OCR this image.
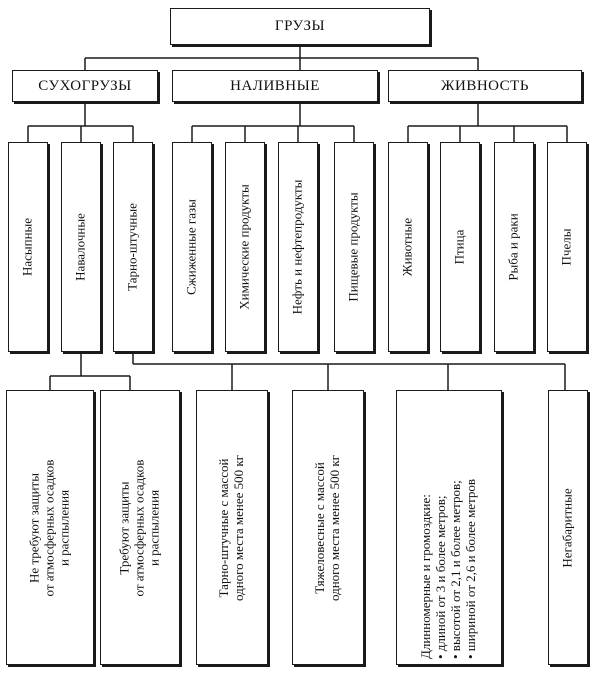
ГРУЗЫ
СУХОГРУЗЫ	НАЛИВНЫЕ	ЖИВНОСТЬ
Насыпные	Навалочные	Тарно-штучные	Сжиженные газы	Химические продукты	Нефть и нефтепродукты	Пищевые продукты	Животные	Птица	Рыба и раки	Пчелы
Не требуют защиты от атмосферных осадков и распыления	Требуют защиты от атмосферных осадков и распыления	Тарно-штучные с массой одного места менее 500 кг	Тяжеловесные с массой одного места менее 500 кг	Длинномерные и громоздкие: • длиной от 3 и более метров; • высотой от 2,1 и более метров; • шириной от 2,6 и более метров	Негабаритные
